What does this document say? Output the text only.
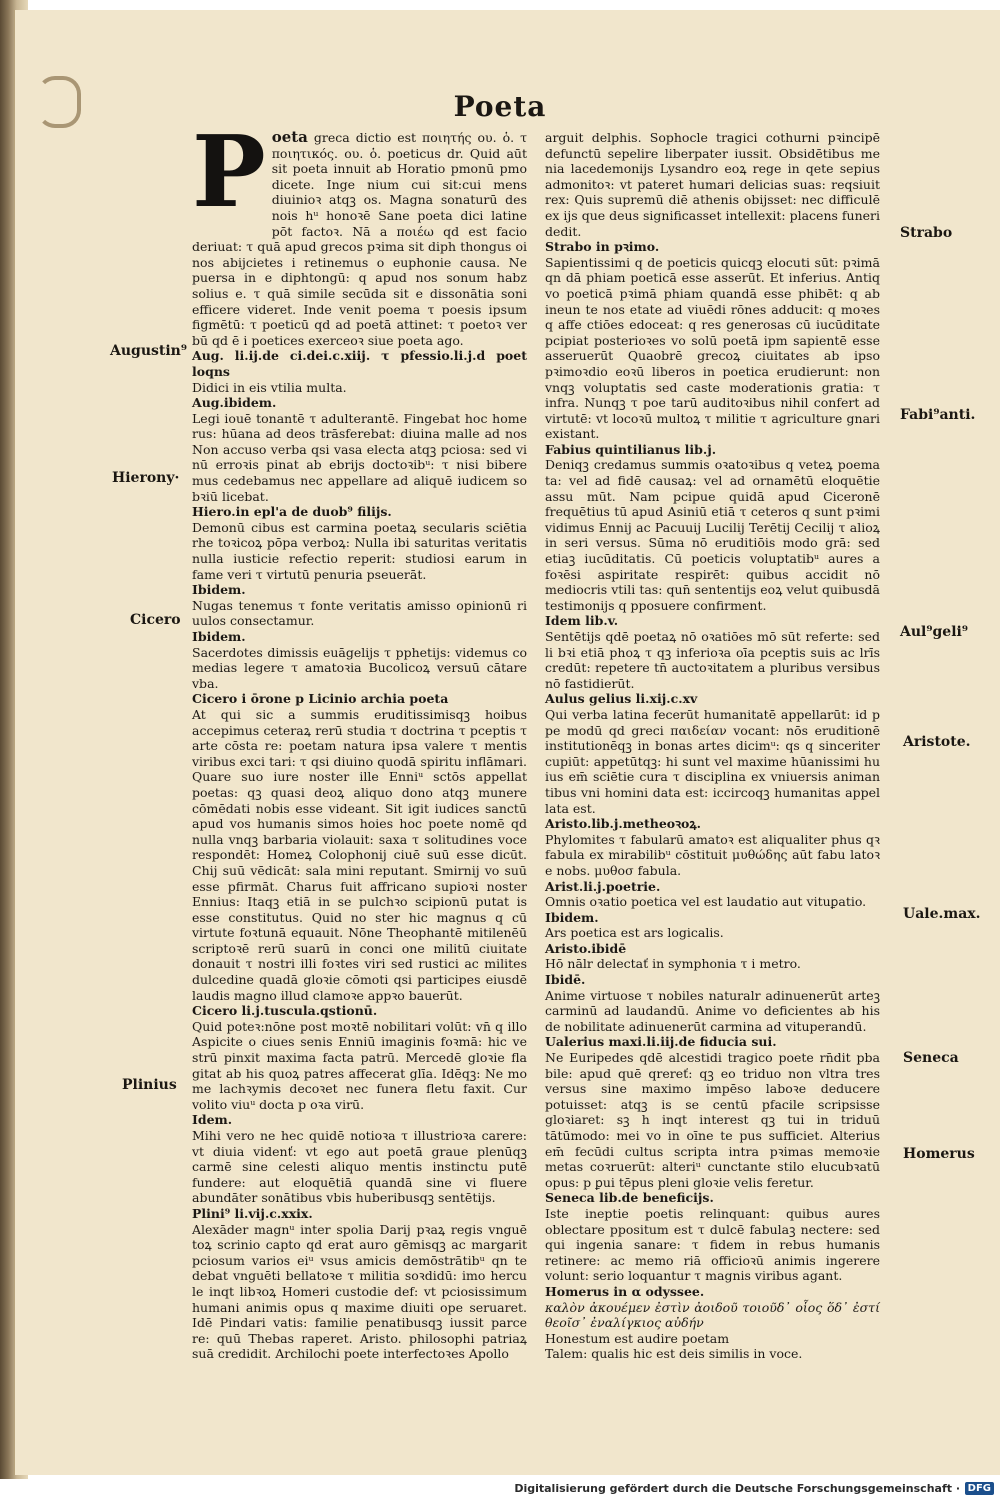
Poeta
Augustin⁹
Hierony·
Cicero
Plinius
Strabo
Fabi⁹anti.
Aul⁹geli⁹
Aristote.
Uale.max.
Seneca
Homerus

Poeta greca dictio est ποιητής ου. ὁ. τ ποιητικός. ου. ὁ. poeticus dr. Quid aūt sit poeta innuit ab Horatio pmonū pmo dicete. Inge nium cui sit:cui mens diuinioꝛ atqꝫ os. Magna sonaturū des nois hᵘ honoꝛē Sane poeta dici latine pōt factoꝛ. Nā a ποιέω qd est facio deriuat: τ quā apud grecos pꝛima sit diph thongus oi nos abijcietes i retinemus o euphonie causa. Ne puersa in e diphtongū: q apud nos sonum habz solius e. τ quā simile secūda sit e dissonātia soni efficere videret. Inde venit poema τ poesis ipsum figmētū: τ poeticū qd ad poetā attinet: τ poetoꝛ ver bū qd ē i poetices exerceoꝛ siue poeta ago.

Aug. li.ij.de ci.dei.c.xiij. τ pfessio.li.j.d poet loqns

Didici in eis vtilia multa.

Aug.ibidem.

Legi iouē tonantē τ adulterantē. Fingebat hoc home rus: hūana ad deos trāsferebat: diuina malle ad nos Non accuso verba qsi vasa electa atqꝫ pciosa: sed vi nū erroꝛis pinat ab ebrijs doctoꝛibᵘ: τ nisi bibere mus cedebamus nec appellare ad aliquē iudicem so bꝛiū licebat.

Hiero.in epl'a de duob⁹ filijs.

Demonū cibus est carmina poetaꝝ secularis sciētia rhe toꝛicoꝝ pōpa verboꝝ: Nulla ibi saturitas veritatis nulla iusticie refectio reperit: studiosi earum in fame veri τ virtutū penuria pseuerāt.

Ibidem.

Nugas tenemus τ fonte veritatis amisso opinionū ri uulos consectamur.

Ibidem.

Sacerdotes dimissis euāgelijs τ pphetijs: videmus co medias legere τ amatoꝛia Bucolicoꝝ versuū cātare vba.

Cicero i ōrone p Licinio archia poeta

At qui sic a summis eruditissimisqꝫ hoibus accepimus ceteraꝝ rerū studia τ doctrina τ pceptis τ arte cōsta re: poetam natura ipsa valere τ mentis viribus exci tari: τ qsi diuino quodā spiritu inflāmari. Quare suo iure noster ille Enniᵘ sctōs appellat poetas: qꝫ quasi deoꝝ aliquo dono atqꝫ munere cōmēdati nobis esse videant. Sit igit iudices sanctū apud vos humanis simos hoies hoc poete nomē qd nulla vnqꝫ barbaria violauit: saxa τ solitudines voce respondēt: Homeꝝ Colophonij ciuē suū esse dicūt. Chij suū vēdicāt: sala mini reputant. Smirnij vo suū esse pfirmāt. Charus fuit affricano supioꝛi noster Ennius: Itaqꝫ etiā in se pulchꝛo scipionū putat is esse constitutus. Quid no ster hic magnus q cū virtute foꝛtunā equauit. Nōne Theophantē mitilenēū scriptoꝛē rerū suarū in conci one militū ciuitate donauit τ nostri illi foꝛtes viri sed rustici ac milites dulcedine quadā gloꝛie cōmoti qsi participes eiusdē laudis magno illud clamoꝛe appꝛo bauerūt.

Cicero li.j.tuscula.qstionū.

Quid poteꝛ:nōne post moꝛtē nobilitari volūt: vn̄ q illo Aspicite o ciues senis Enniū imaginis foꝛmā: hic ve strū pinxit maxima facta patrū. Mercedē gloꝛie fla gitat ab his quoꝝ patres affecerat glīa. Idēqꝫ: Ne mo me lachꝛymis decoꝛet nec funera fletu faxit. Cur volito viuᵘ docta p oꝛa virū.

Idem.

Mihi vero ne hec quidē notioꝛa τ illustrioꝛa carere: vt diuia videnť: vt ego aut poetā graue plenūqꝫ carmē sine celesti aliquo mentis instinctu putē fundere: aut eloquētiā quandā sine vi fluere abundāter sonātibus vbis huberibusqꝫ sentētijs.

Plini⁹ li.vij.c.xxix.

Alexāder magnᵘ inter spolia Darij pꝛaꝝ regis vnguē toꝝ scrinio capto qd erat auro gēmisqꝫ ac margarit pciosum varios eiᵘ vsus amicis demōstrātibᵘ qn te debat vnguēti bellatoꝛe τ militia soꝛdidū: imo hercu le inqt libꝛoꝝ Homeri custodie def: vt pciosissimum humani animis opus q maxime diuiti ope seruaret. Idē Pindari vatis: familie penatibusqꝫ iussit parce re: quū Thebas raperet. Aristo. philosophi patriaꝝ suā credidit. Archilochi poete interfectoꝛes Apollo

arguit delphis. Sophocle tragici cothurni pꝛincipē defunctū sepelire liberpater iussit. Obsidētibus me nia lacedemonijs Lysandro eoꝝ rege in qete sepius admonitoꝛ: vt pateret humari delicias suas: reqsiuit rex: Quis supremū diē athenis obijsset: nec difficulē ex ijs que deus significasset intellexit: placens funeri dedit.

Strabo in pꝛimo.

Sapientissimi q de poeticis quicqꝫ elocuti sūt: pꝛimā qn dā phiam poeticā esse asserūt. Et inferius. Antiq vo poeticā pꝛimā phiam quandā esse phibēt: q ab ineun te nos etate ad viuēdi rōnes adducit: q moꝛes q affe ctiōes edoceat: q res generosas cū iucūditate pcipiat posterioꝛes vo solū poetā ipm sapientē esse asseruerūt Quaobrē grecoꝝ ciuitates ab ipso pꝛimoꝛdio eoꝛū liberos in poetica erudierunt: non vnqꝫ voluptatis sed caste moderationis gratia: τ infra. Nunqꝫ τ poe tarū auditoꝛibus nihil confert ad virtutē: vt locoꝛū multoꝝ τ militie τ agriculture gnari existant.

Fabius quintilianus lib.j.

Deniqꝫ credamus summis oꝛatoꝛibus q veteꝝ poema ta: vel ad fidē causaꝝ: vel ad ornamētū eloquētie assu mūt. Nam pcipue quidā apud Ciceronē frequētius tū apud Asiniū etiā τ ceteros q sunt pꝛimi vidimus Ennij ac Pacuuij Lucilij Terētij Cecilij τ alioꝝ in seri versus. Sūma nō eruditiōis modo grā: sed etiaꝫ iucūditatis. Cū poeticis voluptatibᵘ aures a foꝛēsi aspiritate respirēt: quibus accidit nō mediocris vtili tas: qun̄ sententijs eoꝝ velut quibusdā testimonijs q pposuere confirment.

Idem lib.v.

Sentētijs qdē poetaꝝ nō oꝛatiōes mō sūt referte: sed li bꝛi etiā phoꝝ τ qꝫ inferioꝛa oīa pceptis suis ac lrīs credūt: repetere tn̄ auctoꝛitatem a pluribus versibus nō fastidierūt.

Aulus gelius li.xij.c.xv

Qui verba latina fecerūt humanitatē appellarūt: id p pe modū qd greci παιδείαν vocant: nōs eruditionē institutionēqꝫ in bonas artes dicimᵘ: qs q sinceriter cupiūt: appetūtqꝫ: hi sunt vel maxime hūanissimi hu ius em̄ sciētie cura τ disciplina ex vniuersis animan tibus vni homini data est: iccircoqꝫ humanitas appel lata est.

Aristo.lib.j.metheoꝛoꝝ.

Phylomites τ fabularū amatoꝛ est aliqualiter phus qꝛ fabula ex mirabilibᵘ cōstituit μυθώδης aūt fabu latoꝛ e nobs. μυθοσ fabula.

Arist.li.j.poetrie.

Omnis oꝛatio poetica vel est laudatio aut vituꝑatio.

Ibidem.

Ars poetica est ars logicalis.

Aristo.ibidē

Hō nālr delectať in symphonia τ i metro.

Ibidē.

Anime virtuose τ nobiles naturalr adinuenerūt arteꝫ carminū ad laudandū. Anime vo deficientes ab his de nobilitate adinuenerūt carmina ad vituperandū.

Ualerius maxi.li.iij.de fiducia sui.

Ne Euripedes qdē alcestidi tragico poete rn̄dit pba bile: apud quē qrereť: qꝫ eo triduo non vltra tres versus sine maximo impēso laboꝛe deducere potuisset: atqꝫ is se centū pfacile scripsisse gloꝛiaret: sꝫ h inqt interest qꝫ tui in triduū tātūmodo: mei vo in oīne te pus sufficiet. Alterius em̄ fecūdi cultus scripta intra pꝛimas memoꝛie metas coꝛruerūt: alteriᵘ cunctante stilo elucubꝛatū opus: p ꝑui tēpus pleni gloꝛie velis feretur.

Seneca lib.de beneficijs.

Iste ineptie poetis relinquant: quibus aures oblectare ppositum est τ dulcē fabulaꝫ nectere: sed qui ingenia sanare: τ fidem in rebus humanis retinere: ac memo riā officioꝛū animis ingerere volunt: serio loquantur τ magnis viribus agant.

Homerus in α odyssee.

καλὸν ἀκουέμεν ἐστὶν ἀοιδοῦ τοιοῦδ᾽ οἷος ὅδ᾽ ἐστί θεοῖσ᾽ ἐναλίγκιος αὐδήν

Honestum est audire poetam

Talem: qualis hic est deis similis in voce.

Digitalisierung gefördert durch die Deutsche Forschungsgemeinschaft · DFG
